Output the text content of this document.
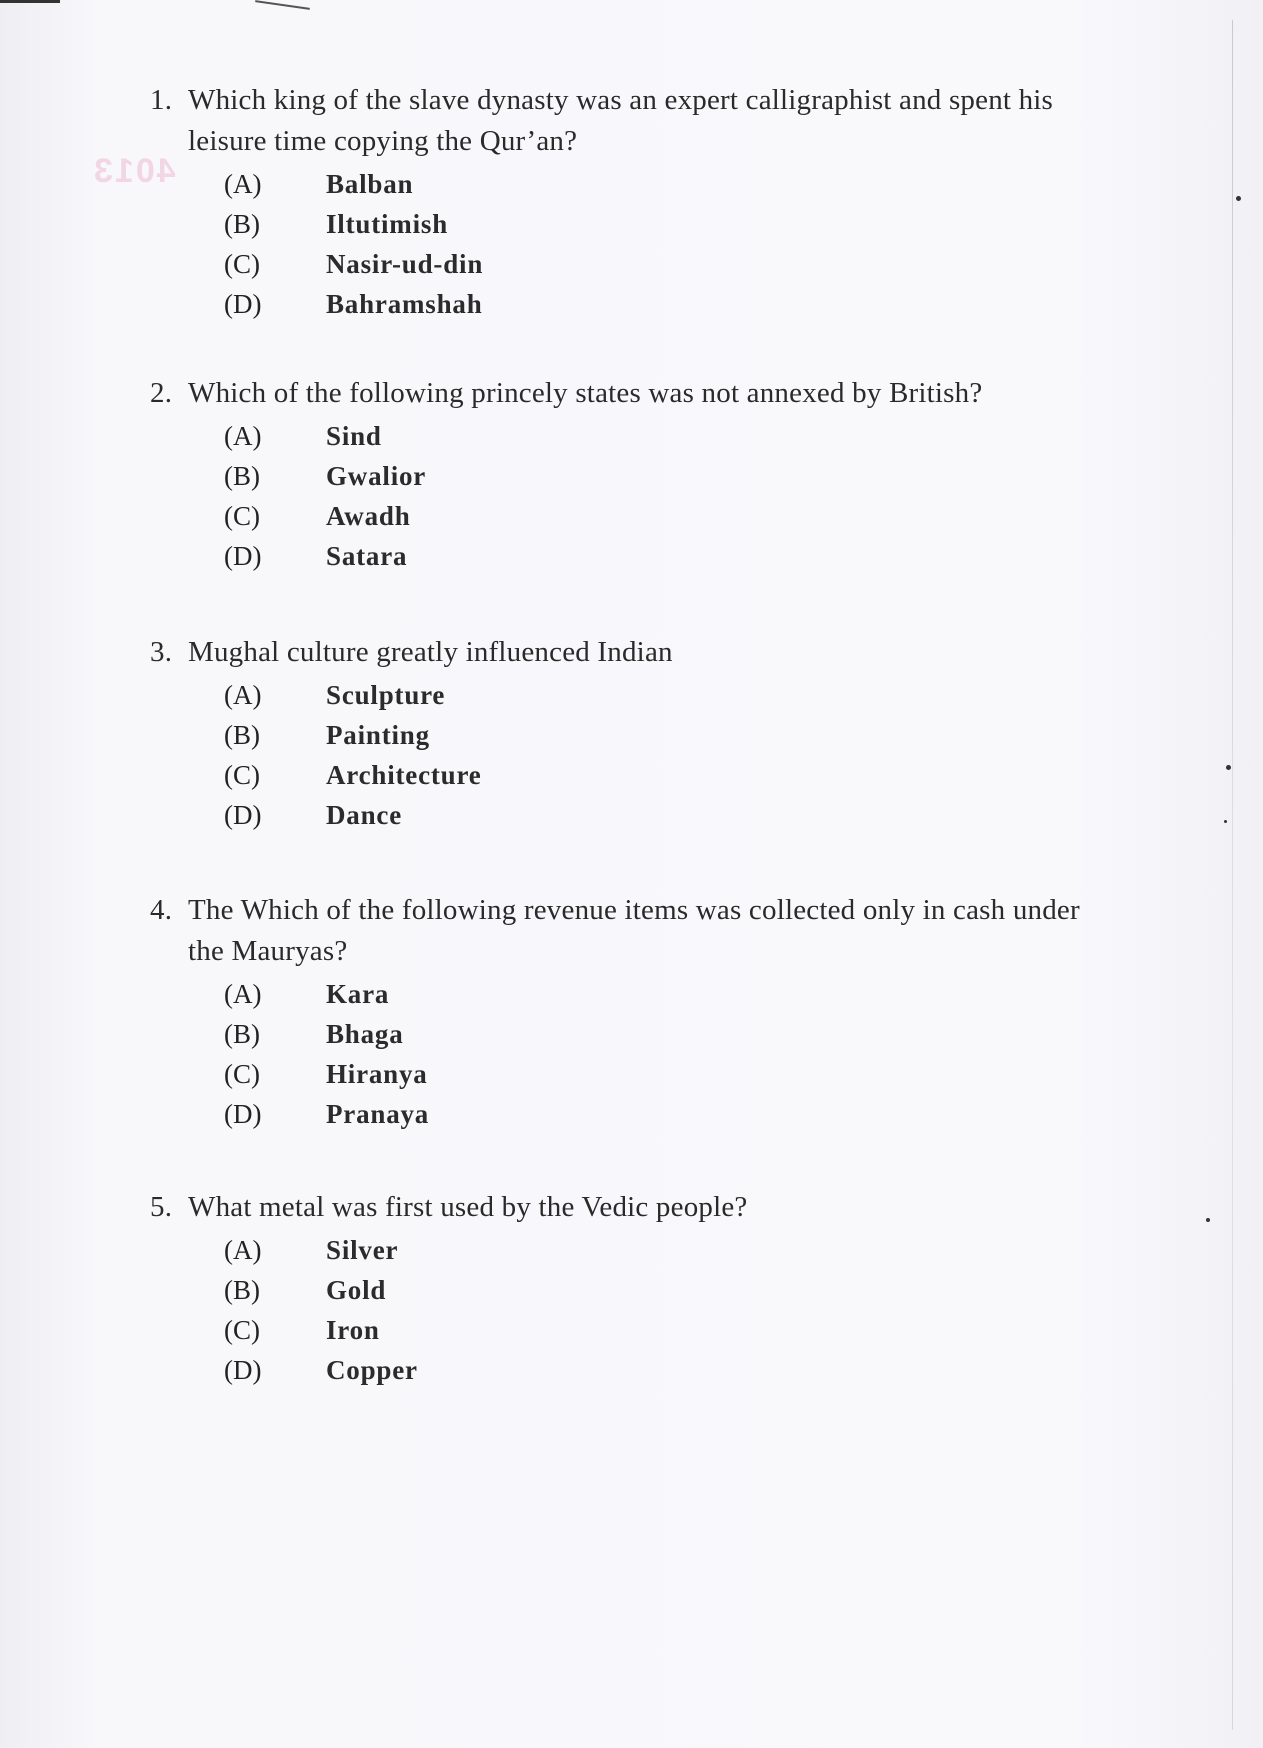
4013
1. Which king of the slave dynasty was an expert calligraphist and spent his
leisure time copying the Qur’an?
(A)	Balban
(B)	Iltutimish
(C)	Nasir-ud-din
(D)	Bahramshah
2. Which of the following princely states was not annexed by British?
(A)	Sind
(B)	Gwalior
(C)	Awadh
(D)	Satara
3. Mughal culture greatly influenced Indian
(A)	Sculpture
(B)	Painting
(C)	Architecture
(D)	Dance
4. The Which of the following revenue items was collected only in cash under
the Mauryas?
(A)	Kara
(B)	Bhaga
(C)	Hiranya
(D)	Pranaya
5. What metal was first used by the Vedic people?
(A)	Silver
(B)	Gold
(C)	Iron
(D)	Copper
